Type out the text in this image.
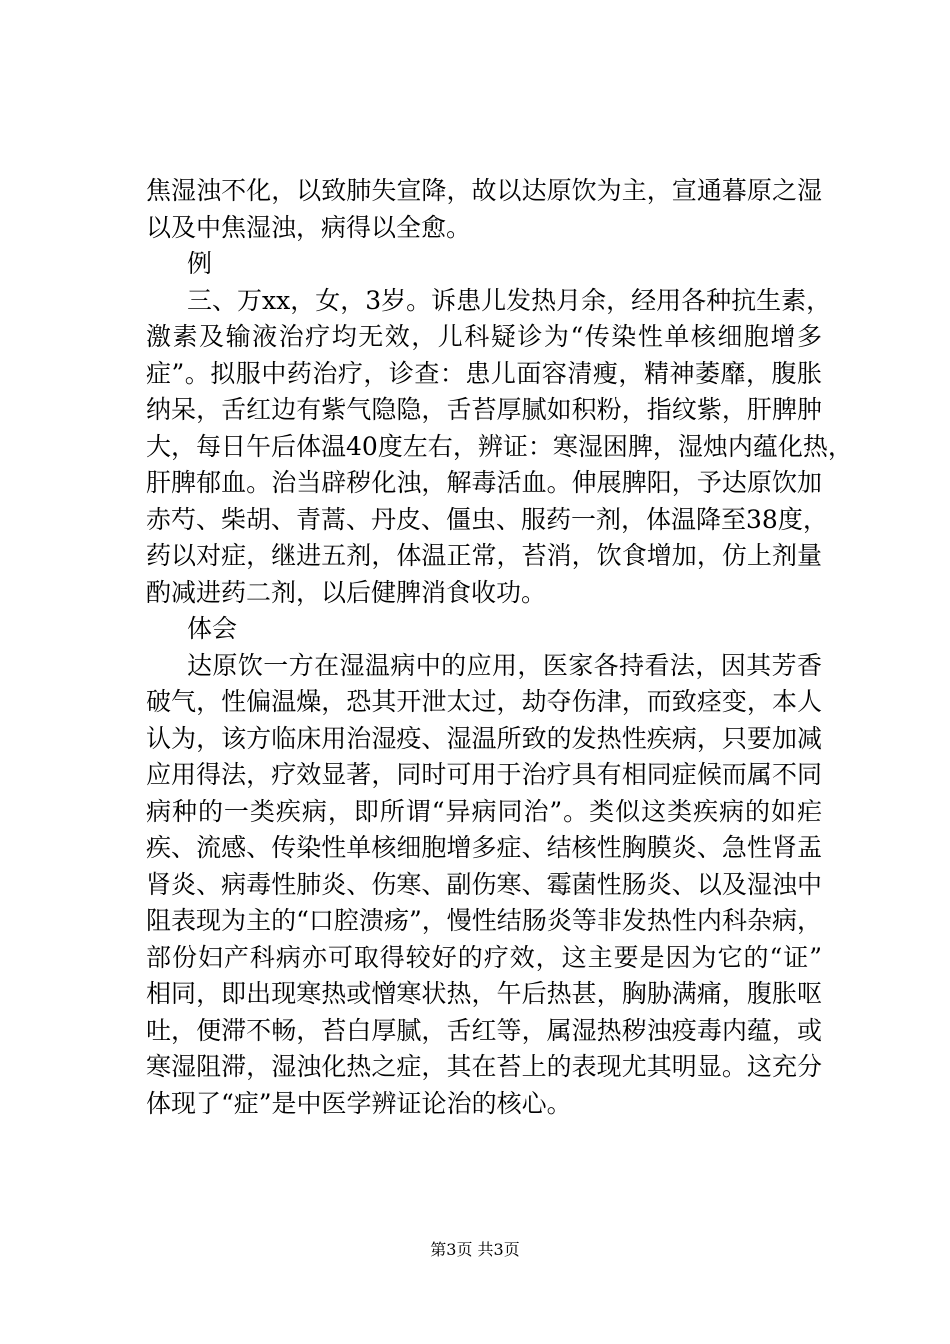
焦湿浊不化，以致肺失宣降，故以达原饮为主，宣通暮原之湿
以及中焦湿浊，病得以全愈。
例
三、万xx，女，3岁。诉患儿发热月余，经用各种抗生素，
激素及输液治疗均无效，儿科疑诊为“传染性单核细胞增多
症”。拟服中药治疗，诊查：患儿面容清瘦，精神萎靡，腹胀
纳呆，舌红边有紫气隐隐，舌苔厚腻如积粉，指纹紫，肝脾肿
大，每日午后体温40度左右，辨证：寒湿困脾，湿烛内蕴化热，
肝脾郁血。治当辟秽化浊，解毒活血。伸展脾阳，予达原饮加
赤芍、柴胡、青蒿、丹皮、僵虫、服药一剂，体温降至38度，
药以对症，继进五剂，体温正常，苔消，饮食增加，仿上剂量
酌减进药二剂，以后健脾消食收功。
体会
达原饮一方在湿温病中的应用，医家各持看法，因其芳香
破气，性偏温燥，恐其开泄太过，劫夺伤津，而致痉变，本人
认为，该方临床用治湿疫、湿温所致的发热性疾病，只要加减
应用得法，疗效显著，同时可用于治疗具有相同症候而属不同
病种的一类疾病，即所谓“异病同治”。类似这类疾病的如疟
疾、流感、传染性单核细胞增多症、结核性胸膜炎、急性肾盂
肾炎、病毒性肺炎、伤寒、副伤寒、霉菌性肠炎、以及湿浊中
阻表现为主的“口腔溃疡”，慢性结肠炎等非发热性内科杂病，
部份妇产科病亦可取得较好的疗效，这主要是因为它的“证”
相同，即出现寒热或憎寒状热，午后热甚，胸胁满痛，腹胀呕
吐，便滞不畅，苔白厚腻，舌红等，属湿热秽浊疫毒内蕴，或
寒湿阻滞，湿浊化热之症，其在苔上的表现尤其明显。这充分
体现了“症”是中医学辨证论治的核心。
第3页 共3页
